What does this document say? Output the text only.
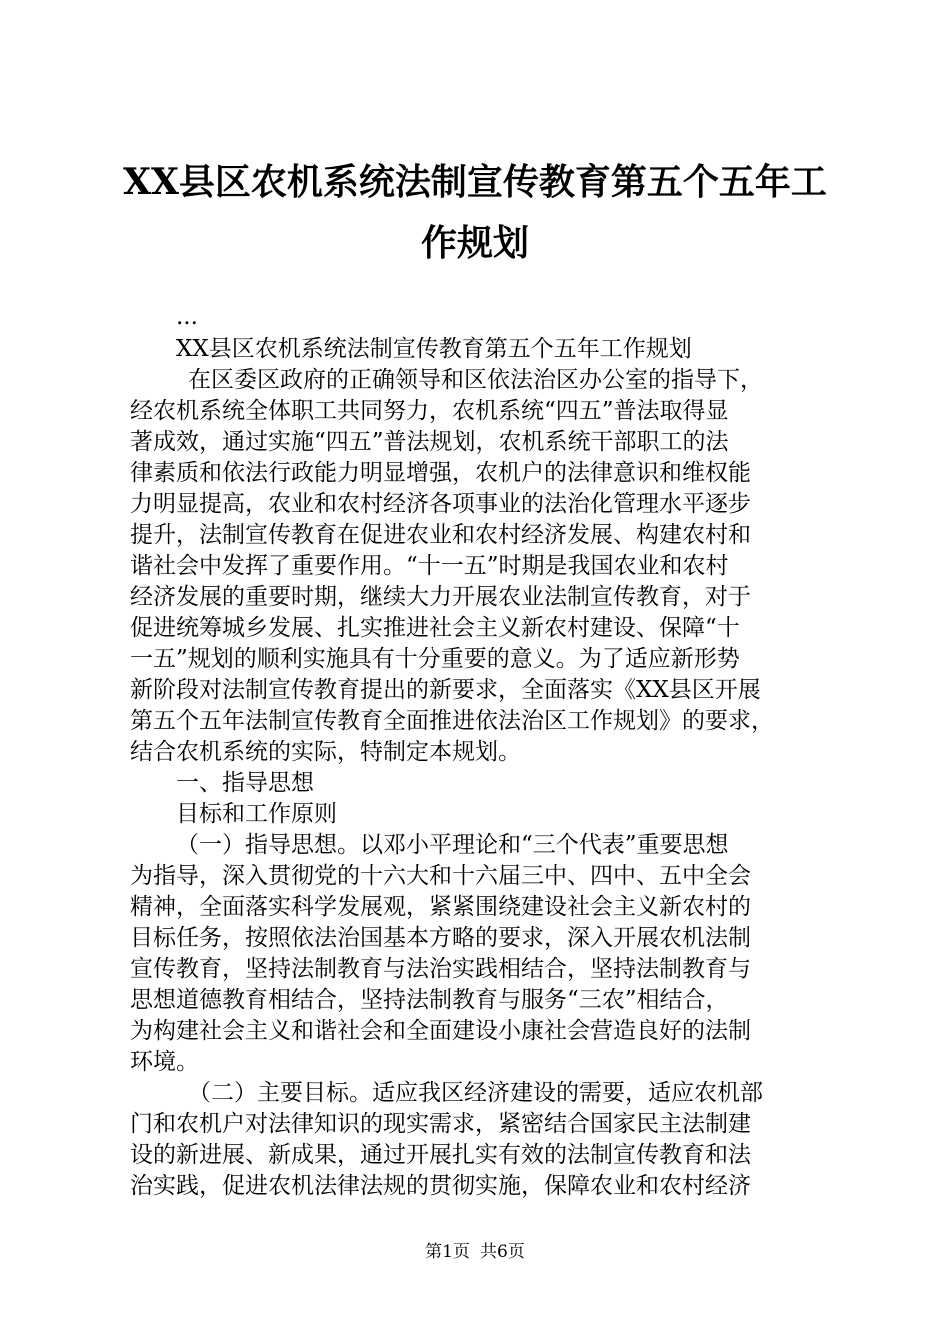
XX县区农机系统法制宣传教育第五个五年工
作规划

...

XX县区农机系统法制宣传教育第五个五年工作规划

在区委区政府的正确领导和区依法治区办公室的指导下，

经农机系统全体职工共同努力，农机系统“四五”普法取得显

著成效，通过实施“四五”普法规划，农机系统干部职工的法

律素质和依法行政能力明显增强，农机户的法律意识和维权能

力明显提高，农业和农村经济各项事业的法治化管理水平逐步

提升，法制宣传教育在促进农业和农村经济发展、构建农村和

谐社会中发挥了重要作用。“十一五”时期是我国农业和农村

经济发展的重要时期，继续大力开展农业法制宣传教育，对于

促进统筹城乡发展、扎实推进社会主义新农村建设、保障“十

一五”规划的顺利实施具有十分重要的意义。为了适应新形势

新阶段对法制宣传教育提出的新要求，全面落实《XX县区开展

第五个五年法制宣传教育全面推进依法治区工作规划》的要求，

结合农机系统的实际，特制定本规划。

一、指导思想

目标和工作原则

（一）指导思想。以邓小平理论和“三个代表”重要思想

为指导，深入贯彻党的十六大和十六届三中、四中、五中全会

精神，全面落实科学发展观，紧紧围绕建设社会主义新农村的

目标任务，按照依法治国基本方略的要求，深入开展农机法制

宣传教育，坚持法制教育与法治实践相结合，坚持法制教育与

思想道德教育相结合，坚持法制教育与服务“三农”相结合，

为构建社会主义和谐社会和全面建设小康社会营造良好的法制

环境。

（二）主要目标。适应我区经济建设的需要，适应农机部

门和农机户对法律知识的现实需求，紧密结合国家民主法制建

设的新进展、新成果，通过开展扎实有效的法制宣传教育和法

治实践，促进农机法律法规的贯彻实施，保障农业和农村经济

第1页 共6页
